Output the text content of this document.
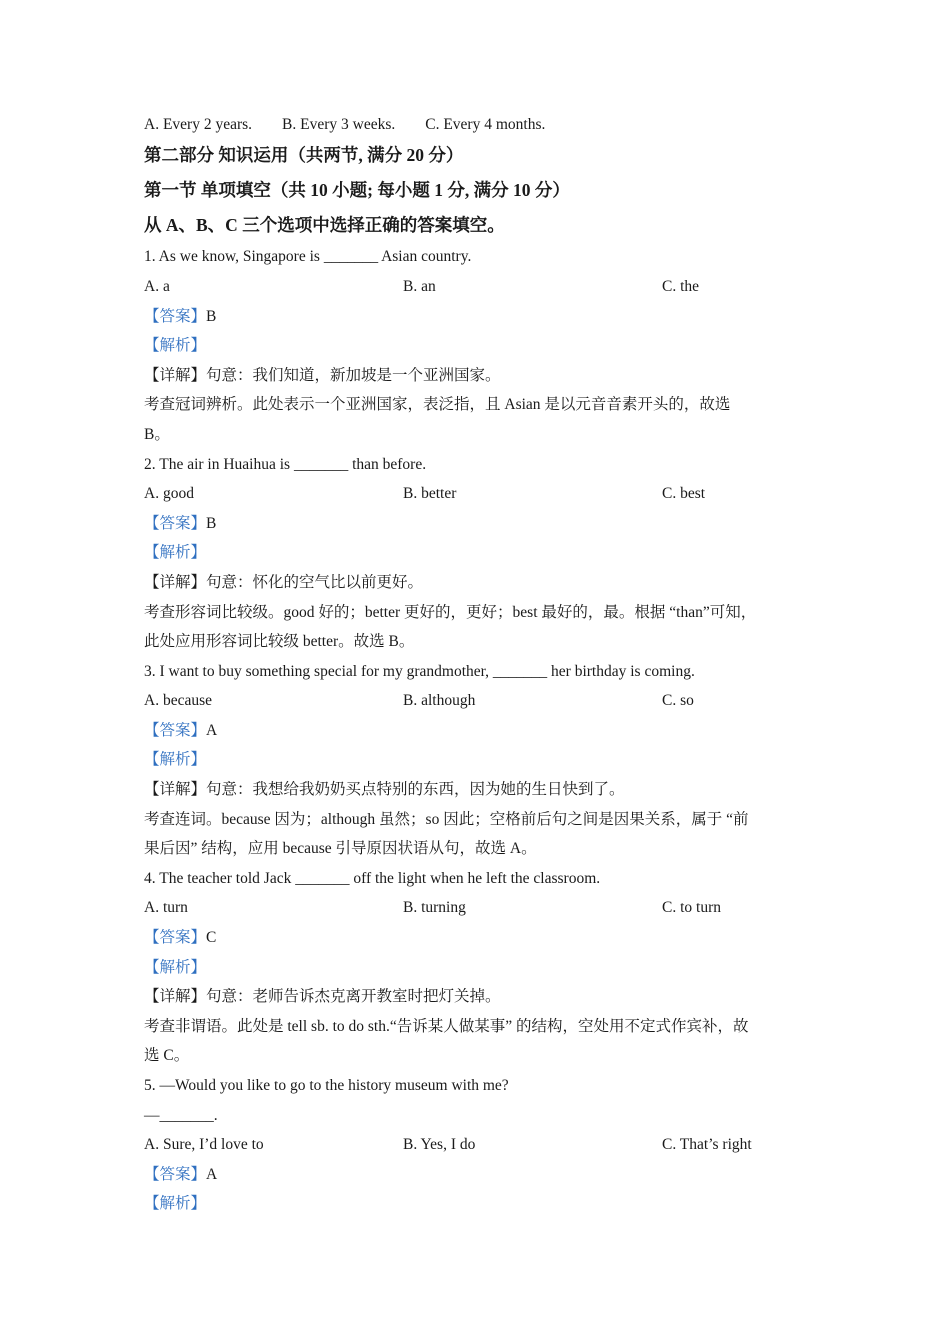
A. Every 2 years. B. Every 3 weeks. C. Every 4 months.
第二部分 知识运用（共两节, 满分 20 分）
第一节 单项填空（共 10 小题; 每小题 1 分, 满分 10 分）
从 A、B、C 三个选项中选择正确的答案填空。
1. As we know, Singapore is _______ Asian country.
A. a	B. an	C. the
【答案】B
【解析】
【详解】句意：我们知道，新加坡是一个亚洲国家。
考查冠词辨析。此处表示一个亚洲国家，表泛指，且 Asian 是以元音音素开头的，故选
B。
2. The air in Huaihua is _______ than before.
A. good	B. better	C. best
【答案】B
【解析】
【详解】句意：怀化的空气比以前更好。
考查形容词比较级。good 好的；better 更好的，更好；best 最好的，最。根据 “than”可知，
此处应用形容词比较级 better。故选 B。
3. I want to buy something special for my grandmother, _______ her birthday is coming.
A. because	B. although	C. so
【答案】A
【解析】
【详解】句意：我想给我奶奶买点特别的东西，因为她的生日快到了。
考查连词。because 因为；although 虽然；so 因此；空格前后句之间是因果关系，属于 “前
果后因” 结构，应用 because 引导原因状语从句，故选 A。
4. The teacher told Jack _______ off the light when he left the classroom.
A. turn	B. turning	C. to turn
【答案】C
【解析】
【详解】句意：老师告诉杰克离开教室时把灯关掉。
考查非谓语。此处是 tell sb. to do sth.“告诉某人做某事” 的结构，空处用不定式作宾补，故
选 C。
5. —Would you like to go to the history museum with me?
—_______.
A. Sure, I’d love to	B. Yes, I do	C. That’s right
【答案】A
【解析】
